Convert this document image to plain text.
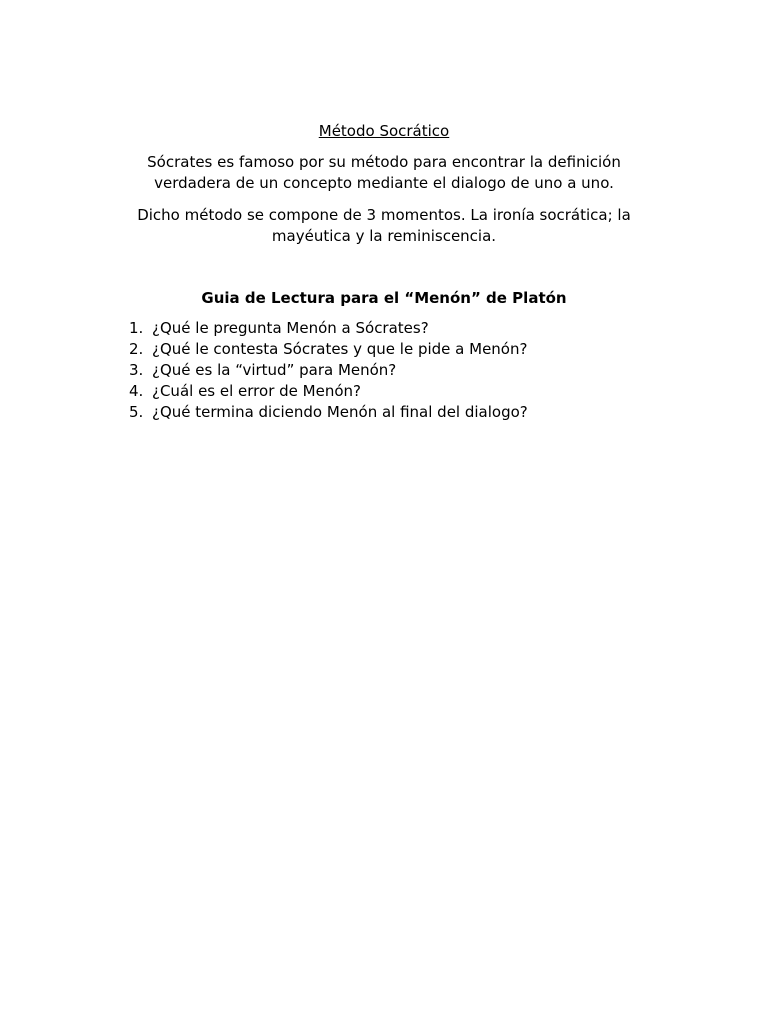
Método Socrático
Sócrates es famoso por su método para encontrar la definición verdadera de un concepto mediante el dialogo de uno a uno.
Dicho método se compone de 3 momentos. La ironía socrática; la mayéutica y la reminiscencia.
Guia de Lectura para el “Menón” de Platón
1. ¿Qué le pregunta Menón a Sócrates?
2. ¿Qué le contesta Sócrates y que le pide a Menón?
3. ¿Qué es la “virtud” para Menón?
4. ¿Cuál es el error de Menón?
5. ¿Qué termina diciendo Menón al final del dialogo?
